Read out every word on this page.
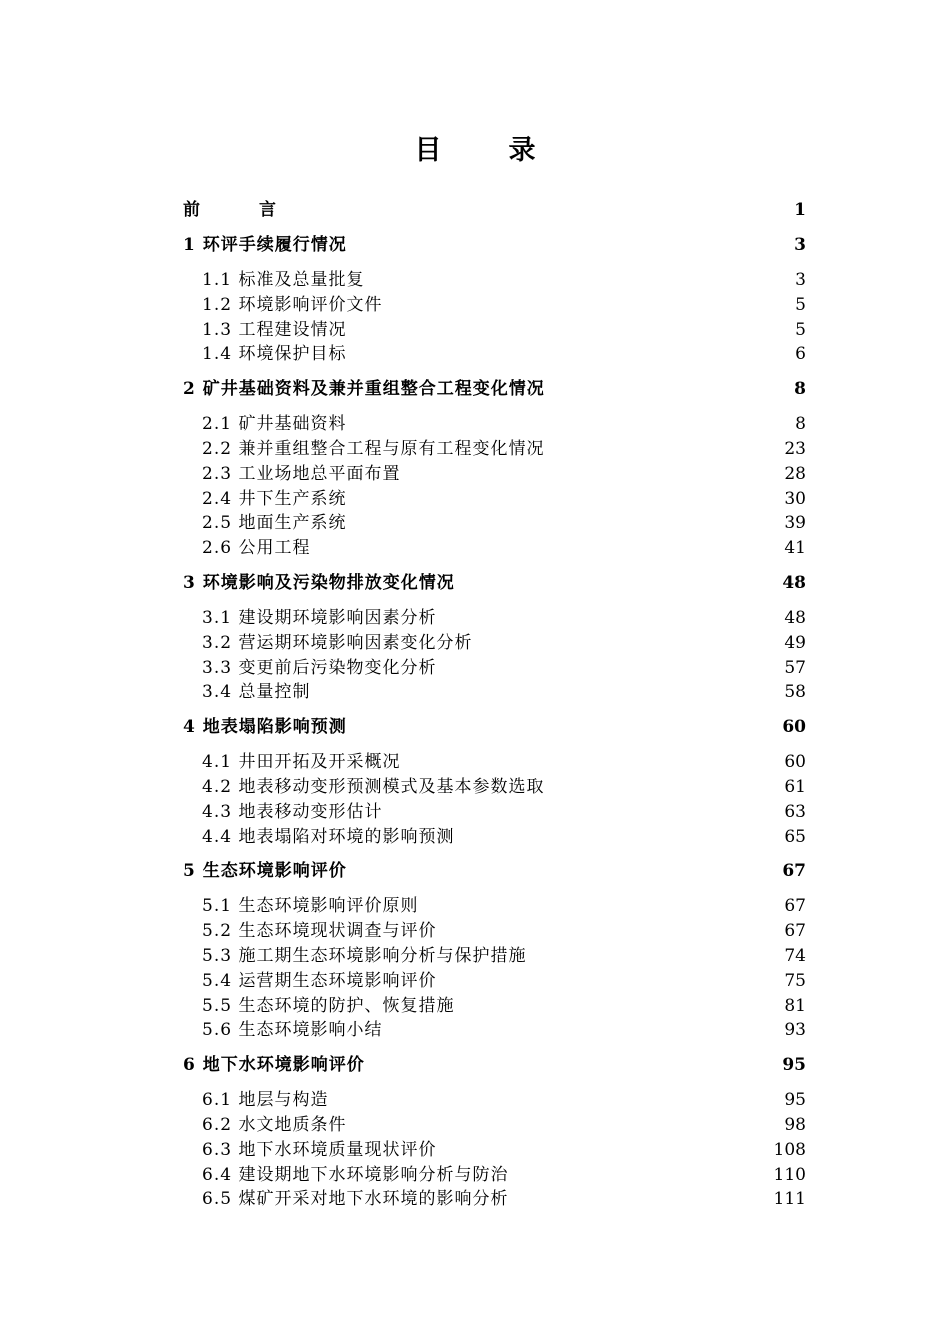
目　录
前　言	1
1 环评手续履行情况	3
1.1 标准及总量批复	3
1.2 环境影响评价文件	5
1.3 工程建设情况	5
1.4 环境保护目标	6
2 矿井基础资料及兼并重组整合工程变化情况	8
2.1 矿井基础资料	8
2.2 兼并重组整合工程与原有工程变化情况	23
2.3 工业场地总平面布置	28
2.4 井下生产系统	30
2.5 地面生产系统	39
2.6 公用工程	41
3 环境影响及污染物排放变化情况	48
3.1 建设期环境影响因素分析	48
3.2 营运期环境影响因素变化分析	49
3.3 变更前后污染物变化分析	57
3.4 总量控制	58
4 地表塌陷影响预测	60
4.1 井田开拓及开采概况	60
4.2 地表移动变形预测模式及基本参数选取	61
4.3 地表移动变形估计	63
4.4 地表塌陷对环境的影响预测	65
5 生态环境影响评价	67
5.1 生态环境影响评价原则	67
5.2 生态环境现状调查与评价	67
5.3 施工期生态环境影响分析与保护措施	74
5.4 运营期生态环境影响评价	75
5.5 生态环境的防护、恢复措施	81
5.6 生态环境影响小结	93
6 地下水环境影响评价	95
6.1 地层与构造	95
6.2 水文地质条件	98
6.3 地下水环境质量现状评价	108
6.4 建设期地下水环境影响分析与防治	110
6.5 煤矿开采对地下水环境的影响分析	111
